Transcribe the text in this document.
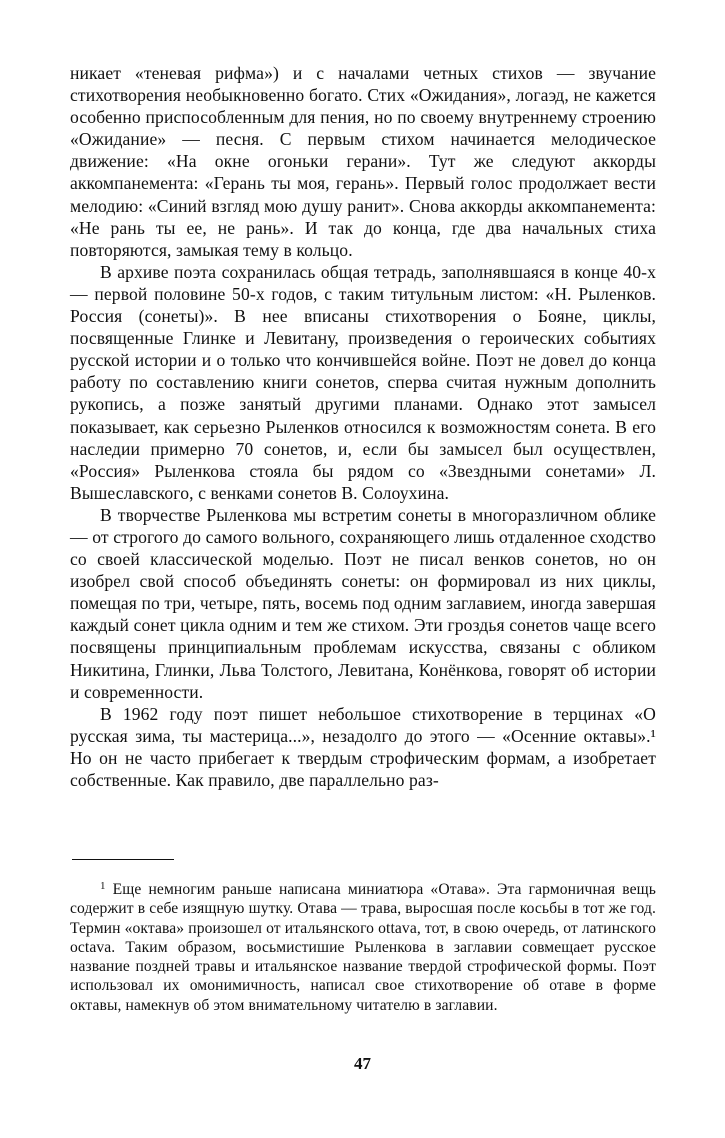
никает «теневая рифма») и с началами четных стихов — звучание стихотворения необыкновенно богато. Стих «Ожидания», логаэд, не кажется особенно приспособленным для пения, но по своему внутреннему строению «Ожидание» — песня. С первым стихом начинается мелодическое движение: «На окне огоньки герани». Тут же следуют аккорды аккомпанемента: «Герань ты моя, герань». Первый голос продолжает вести мелодию: «Синий взгляд мою душу ранит». Снова аккорды аккомпанемента: «Не рань ты ее, не рань». И так до конца, где два начальных стиха повторяются, замыкая тему в кольцо.

В архиве поэта сохранилась общая тетрадь, заполнявшаяся в конце 40-х — первой половине 50-х годов, с таким титульным листом: «Н. Рыленков. Россия (сонеты)». В нее вписаны стихотворения о Бояне, циклы, посвященные Глинке и Левитану, произведения о героических событиях русской истории и о только что кончившейся войне. Поэт не довел до конца работу по составлению книги сонетов, сперва считая нужным дополнить рукопись, а позже занятый другими планами. Однако этот замысел показывает, как серьезно Рыленков относился к возможностям сонета. В его наследии примерно 70 сонетов, и, если бы замысел был осуществлен, «Россия» Рыленкова стояла бы рядом со «Звездными сонетами» Л. Вышеславского, с венками сонетов В. Солоухина.

В творчестве Рыленкова мы встретим сонеты в многоразличном облике — от строгого до самого вольного, сохраняющего лишь отдаленное сходство со своей классической моделью. Поэт не писал венков сонетов, но он изобрел свой способ объединять сонеты: он формировал из них циклы, помещая по три, четыре, пять, восемь под одним заглавием, иногда завершая каждый сонет цикла одним и тем же стихом. Эти гроздья сонетов чаще всего посвящены принципиальным проблемам искусства, связаны с обликом Никитина, Глинки, Льва Толстого, Левитана, Конёнкова, говорят об истории и современности.

В 1962 году поэт пишет небольшое стихотворение в терцинах «О русская зима, ты мастерица...», незадолго до этого — «Осенние октавы».¹ Но он не часто прибегает к твердым строфическим формам, а изобретает собственные. Как правило, две параллельно раз-

$^1$ Еще немногим раньше написана миниатюра «Отава». Эта гармоничная вещь содержит в себе изящную шутку. Отава — трава, выросшая после косьбы в тот же год. Термин «октава» произошел от итальянского ottava, тот, в свою очередь, от латинского octava. Таким образом, восьмистишие Рыленкова в заглавии совмещает русское название поздней травы и итальянское название твердой строфической формы. Поэт использовал их омонимичность, написал свое стихотворение об отаве в форме октавы, намекнув об этом внимательному читателю в заглавии.

47
